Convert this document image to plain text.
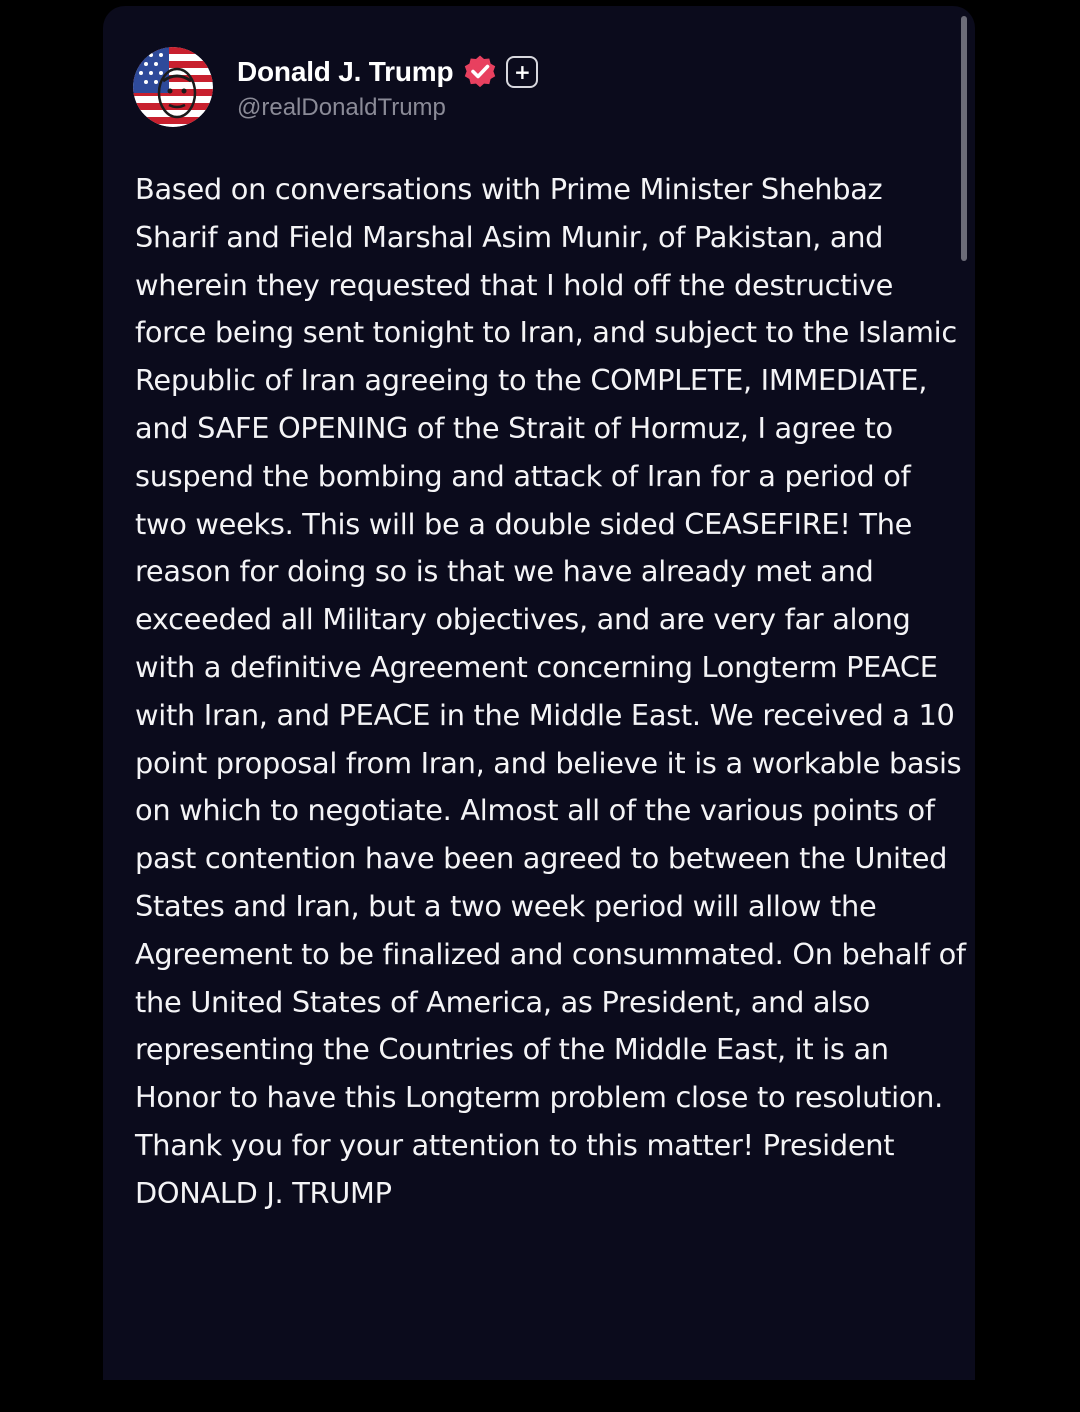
Donald J. Trump	+
@realDonaldTrump
Based on conversations with Prime Minister Shehbaz Sharif and Field Marshal Asim Munir, of Pakistan, and wherein they requested that I hold off the destructive force being sent tonight to Iran, and subject to the Islamic Republic of Iran agreeing to the COMPLETE, IMMEDIATE, and SAFE OPENING of the Strait of Hormuz, I agree to suspend the bombing and attack of Iran for a period of two weeks. This will be a double sided CEASEFIRE! The reason for doing so is that we have already met and exceeded all Military objectives, and are very far along with a definitive Agreement concerning Longterm PEACE with Iran, and PEACE in the Middle East. We received a 10 point proposal from Iran, and believe it is a workable basis on which to negotiate. Almost all of the various points of past contention have been agreed to between the United States and Iran, but a two week period will allow the Agreement to be finalized and consummated. On behalf of the United States of America, as President, and also representing the Countries of the Middle East, it is an Honor to have this Longterm problem close to resolution. Thank you for your attention to this matter! President DONALD J. TRUMP
